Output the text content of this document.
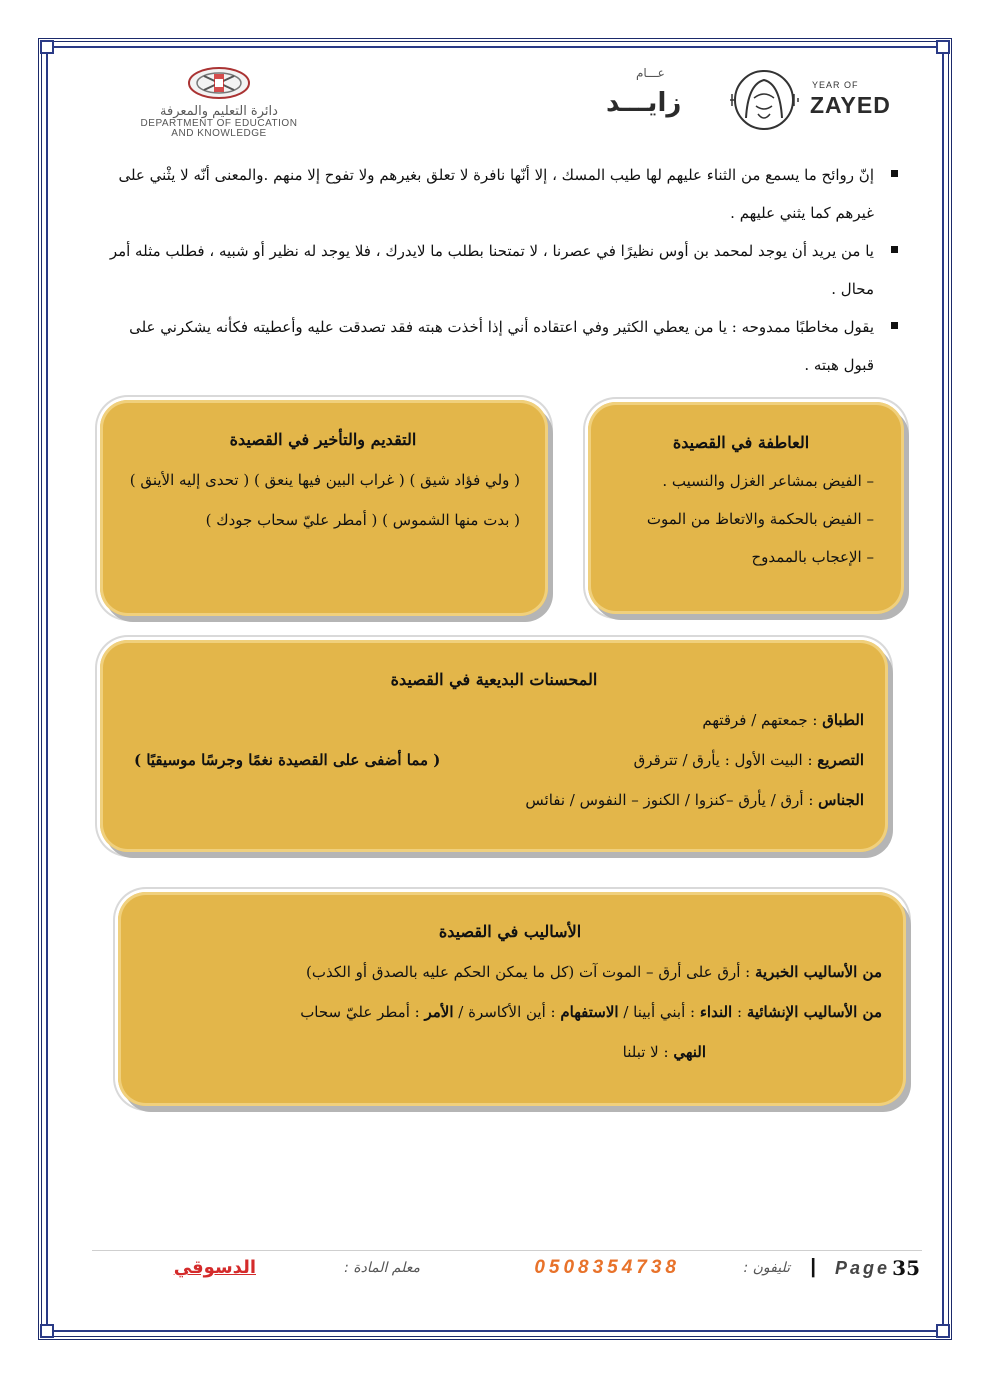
دائرة التعليم والمعرفة
DEPARTMENT OF EDUCATION
AND KNOWLEDGE
عـــام
زايـــد
YEAR OF
ZAYED
إنّ روائح ما يسمع من الثناء عليهم لها طيب المسك ، إلا أنّها نافرة لا تعلق بغيرهم ولا تفوح إلا منهم .والمعنى أنّه لا يثْني على غيرهم كما يثني عليهم .
يا من يريد أن يوجد لمحمد بن أوس نظيرًا في عصرنا ، لا تمتحنا بطلب ما لايدرك ، فلا يوجد له نظير أو شبيه ، فطلب مثله أمر محال .
يقول مخاطبًا ممدوحه : يا من يعطي الكثير وفي اعتقاده أني إذا أخذت هبته فقد تصدقت عليه وأعطيته فكأنه يشكرني على قبول هبته .
العاطفة في القصيدة
– الفيض بمشاعر الغزل والنسيب .
– الفيض بالحكمة والاتعاظ من الموت
– الإعجاب بالممدوح
التقديم والتأخير في القصيدة
( ولي فؤاد شيق ) ( غراب البين فيها ينعق ) ( تحدى إليه الأينق ) ( بدت منها الشموس ) ( أمطر عليّ سحاب جودك )
المحسنات البديعية في القصيدة
الطباق : جمعتهم / فرقتهم
التصريع : البيت الأول : يأرق / تترقرق
( مما أضفى على القصيدة نغمًا وجرسًا موسيقيًا )
الجناس : أرق / يأرق –كنزوا / الكنوز – النفوس / نفائس
الأساليب في القصيدة
من الأساليب الخبرية : أرق على أرق – الموت آت (كل ما يمكن الحكم عليه بالصدق أو الكذب)
من الأساليب الإنشائية : النداء : أبني أبينا / الاستفهام : أين الأكاسرة / الأمر : أمطر عليّ سحاب
النهي : لا تبلنا
35
Page
|
تليفون :
0508354738
معلم المادة :
الدسوقي
